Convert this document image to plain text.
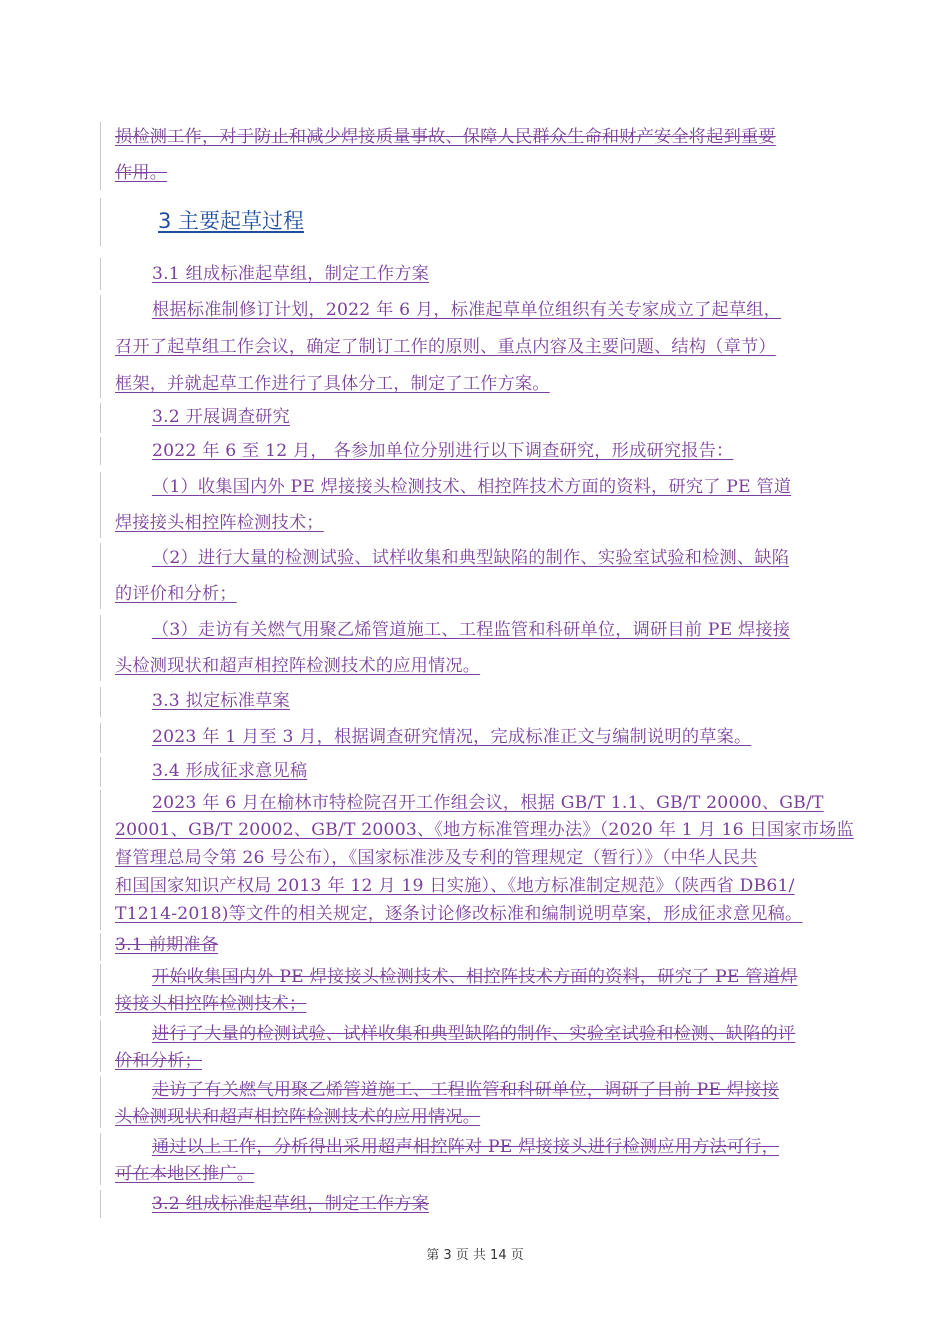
损检测工作，对于防止和减少焊接质量事故、保障人民群众生命和财产安全将起到重要
作用。
3 主要起草过程
3.1 组成标准起草组，制定工作方案
根据标准制修订计划，2022 年 6 月，标准起草单位组织有关专家成立了起草组，
召开了起草组工作会议，确定了制订工作的原则、重点内容及主要问题、结构（章节）
框架，并就起草工作进行了具体分工，制定了工作方案。
3.2 开展调查研究
2022 年 6 至 12 月， 各参加单位分别进行以下调查研究，形成研究报告：
（1）收集国内外 PE 焊接接头检测技术、相控阵技术方面的资料，研究了 PE 管道
焊接接头相控阵检测技术；
（2）进行大量的检测试验、试样收集和典型缺陷的制作、实验室试验和检测、缺陷
的评价和分析；
（3）走访有关燃气用聚乙烯管道施工、工程监管和科研单位，调研目前 PE 焊接接
头检测现状和超声相控阵检测技术的应用情况。
3.3 拟定标准草案
2023 年 1 月至 3 月，根据调查研究情况，完成标准正文与编制说明的草案。
3.4 形成征求意见稿
2023 年 6 月在榆林市特检院召开工作组会议，根据 GB/T 1.1、GB/T 20000、GB/T
20001、GB/T 20002、GB/T 20003、《地方标准管理办法》（2020 年 1 月 16 日国家市场监
督管理总局令第 26 号公布），《国家标准涉及专利的管理规定（暂行）》（中华人民共
和国国家知识产权局 2013 年 12 月 19 日实施）、《地方标准制定规范》（陕西省 DB61/
T1214-2018)等文件的相关规定，逐条讨论修改标准和编制说明草案，形成征求意见稿。
3.1 前期准备
开始收集国内外 PE 焊接接头检测技术、相控阵技术方面的资料，研究了 PE 管道焊
接接头相控阵检测技术；
进行了大量的检测试验、试样收集和典型缺陷的制作、实验室试验和检测、缺陷的评
价和分析；
走访了有关燃气用聚乙烯管道施工、工程监管和科研单位，调研了目前 PE 焊接接
头检测现状和超声相控阵检测技术的应用情况。
通过以上工作，分析得出采用超声相控阵对 PE 焊接接头进行检测应用方法可行，
可在本地区推广。
3.2 组成标准起草组，制定工作方案
第 3 页 共 14 页
